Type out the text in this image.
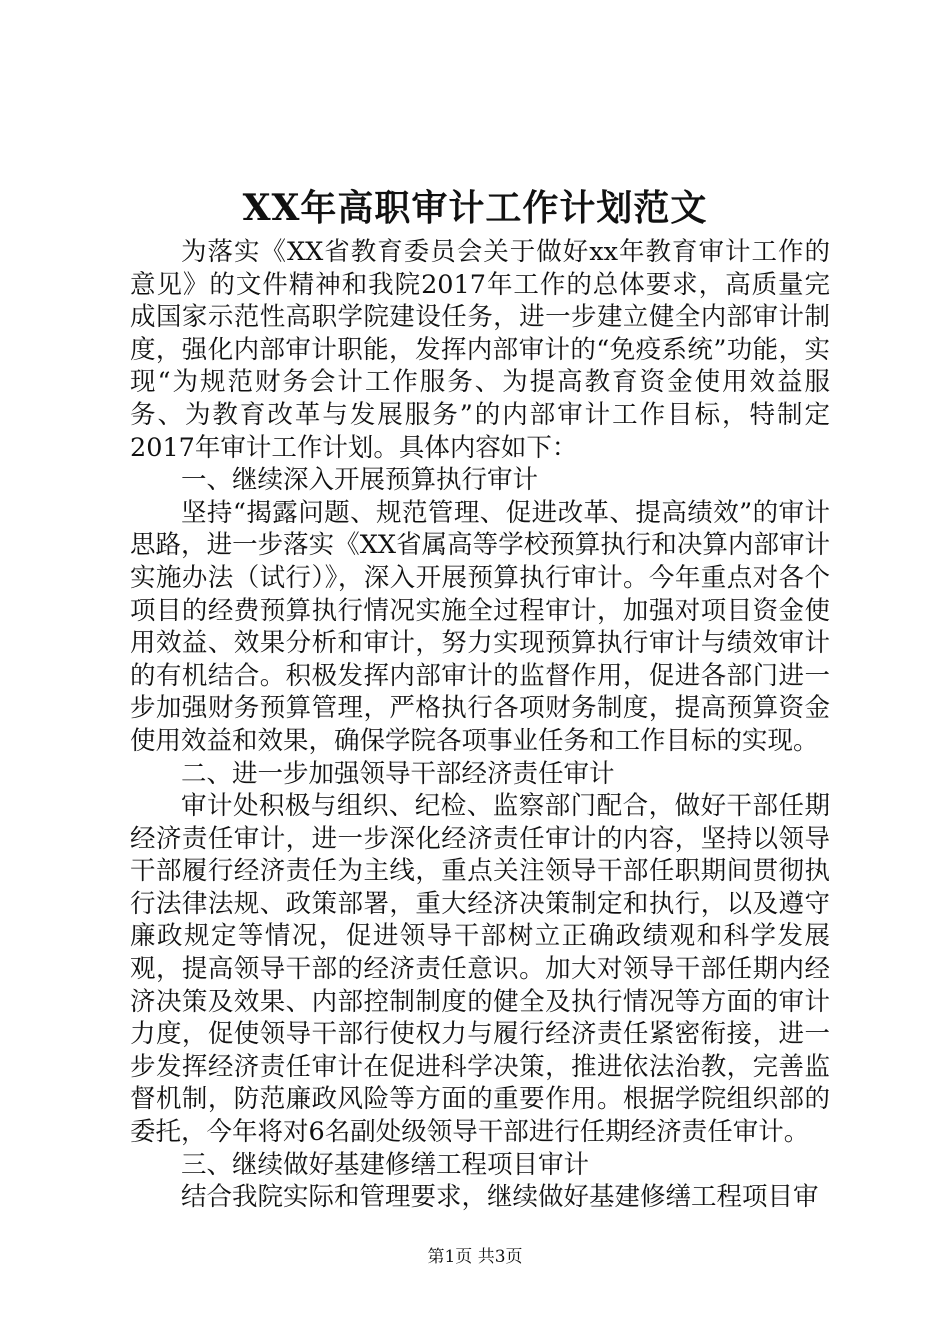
XX年高职审计工作计划范文

为落实《XX省教育委员会关于做好xx年教育审计工作的意见》的文件精神和我院2017年工作的总体要求，高质量完成国家示范性高职学院建设任务，进一步建立健全内部审计制度，强化内部审计职能，发挥内部审计的“免疫系统”功能，实现“为规范财务会计工作服务、为提高教育资金使用效益服务、为教育改革与发展服务”的内部审计工作目标，特制定2017年审计工作计划。具体内容如下：

一、继续深入开展预算执行审计

坚持“揭露问题、规范管理、促进改革、提高绩效”的审计思路，进一步落实《XX省属高等学校预算执行和决算内部审计实施办法（试行）》，深入开展预算执行审计。今年重点对各个项目的经费预算执行情况实施全过程审计，加强对项目资金使用效益、效果分析和审计，努力实现预算执行审计与绩效审计的有机结合。积极发挥内部审计的监督作用，促进各部门进一步加强财务预算管理，严格执行各项财务制度，提高预算资金使用效益和效果，确保学院各项事业任务和工作目标的实现。

二、进一步加强领导干部经济责任审计

审计处积极与组织、纪检、监察部门配合，做好干部任期经济责任审计，进一步深化经济责任审计的内容，坚持以领导干部履行经济责任为主线，重点关注领导干部任职期间贯彻执行法律法规、政策部署，重大经济决策制定和执行，以及遵守廉政规定等情况，促进领导干部树立正确政绩观和科学发展观，提高领导干部的经济责任意识。加大对领导干部任期内经济决策及效果、内部控制制度的健全及执行情况等方面的审计力度，促使领导干部行使权力与履行经济责任紧密衔接，进一步发挥经济责任审计在促进科学决策，推进依法治教，完善监督机制，防范廉政风险等方面的重要作用。根据学院组织部的委托，今年将对6名副处级领导干部进行任期经济责任审计。

三、继续做好基建修缮工程项目审计

结合我院实际和管理要求，继续做好基建修缮工程项目审

第1页 共3页
